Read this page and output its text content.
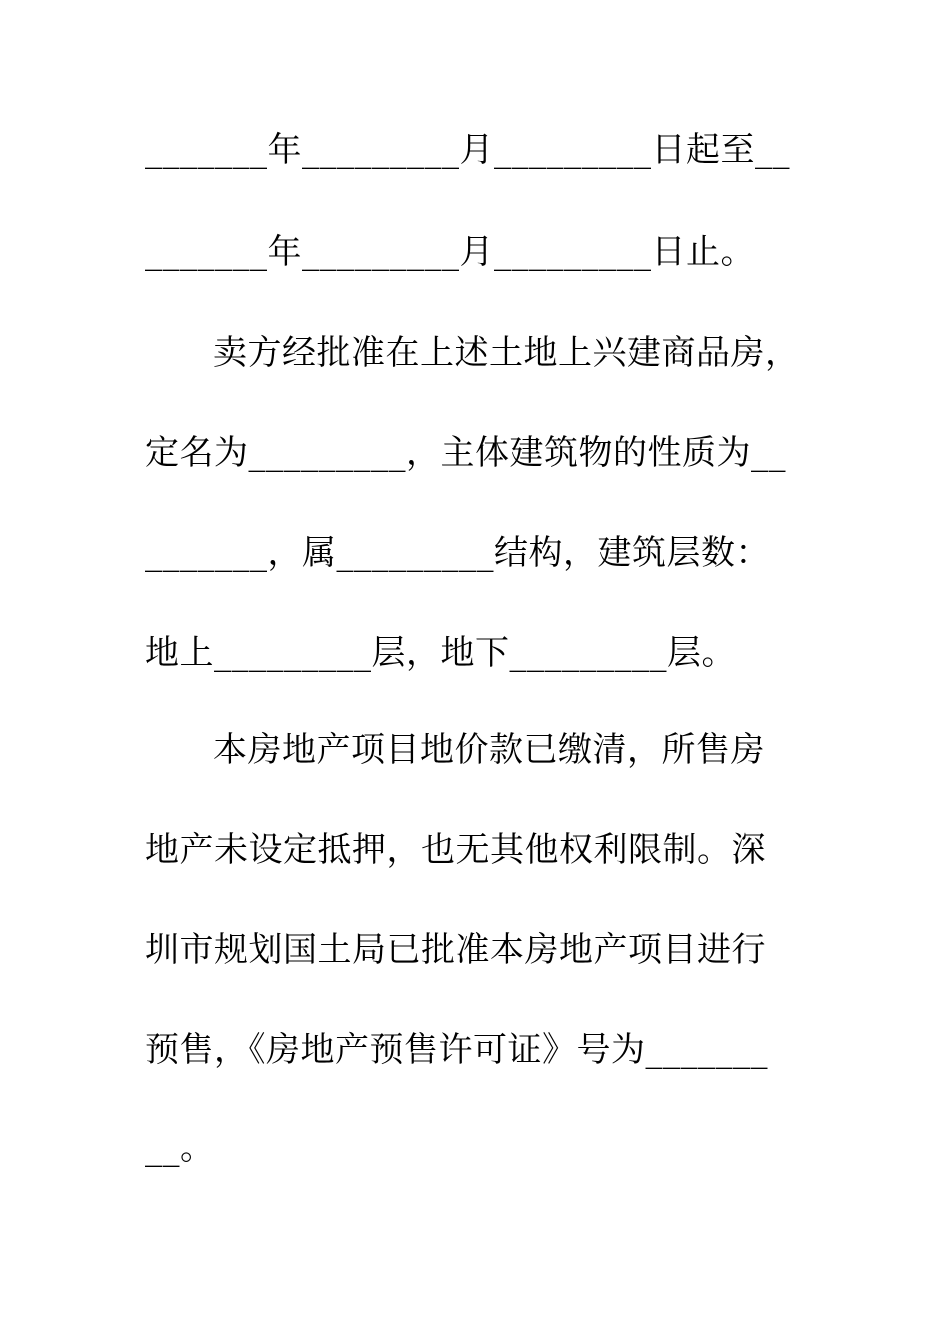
_______年_________月_________日起至__
_______年_________月_________日止。
卖方经批准在上述土地上兴建商品房，
定名为_________，主体建筑物的性质为__
_______，属_________结构，建筑层数：
地上_________层，地下_________层。
本房地产项目地价款已缴清，所售房
地产未设定抵押，也无其他权利限制。深
圳市规划国土局已批准本房地产项目进行
预售，《房地产预售许可证》号为_______
__。
